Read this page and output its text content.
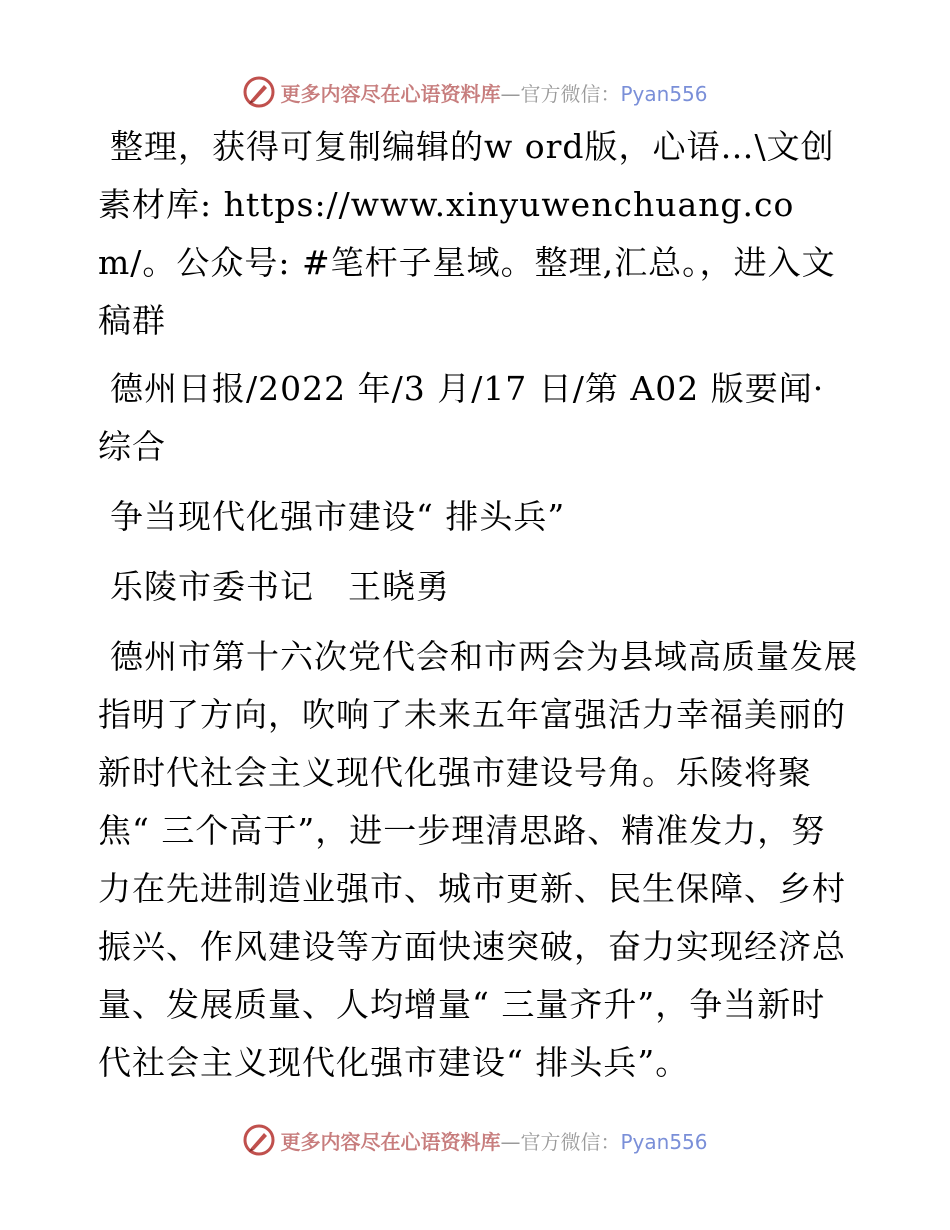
更多内容尽在心语资料库—官方微信：Pyan556

整理，获得可复制编辑的w ord版，心语…\文创素材库: https://www.xinyuwenchuang.com/。公众号: #笔杆子星域。整理,汇总。，进入文稿群

德州日报/2022 年/3 月/17 日/第 A02 版要闻·综合

争当现代化强市建设“ 排头兵”

乐陵市委书记　王晓勇

德州市第十六次党代会和市两会为县域高质量发展指明了方向，吹响了未来五年富强活力幸福美丽的新时代社会主义现代化强市建设号角。乐陵将聚焦“ 三个高于”，进一步理清思路、精准发力，努力在先进制造业强市、城市更新、民生保障、乡村振兴、作风建设等方面快速突破，奋力实现经济总量、发展质量、人均增量“ 三量齐升”，争当新时代社会主义现代化强市建设“ 排头兵”。

更多内容尽在心语资料库—官方微信：Pyan556
